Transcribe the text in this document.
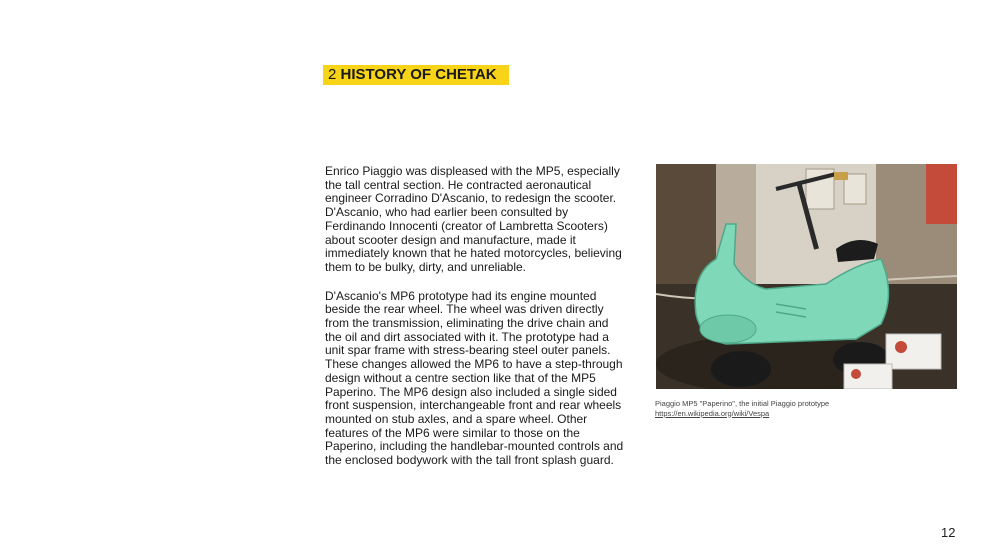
2 HISTORY OF CHETAK

Enrico Piaggio was displeased with the MP5, especially the tall central section. He contracted aeronautical engineer Corradino D'Ascanio, to redesign the scooter. D'Ascanio, who had earlier been consulted by Ferdinando Innocenti (creator of Lambretta Scooters) about scooter design and manufacture, made it immediately known that he hated motorcycles, believing them to be bulky, dirty, and unreliable.

D'Ascanio's MP6 prototype had its engine mounted beside the rear wheel. The wheel was driven directly from the transmission, eliminating the drive chain and the oil and dirt associated with it. The prototype had a unit spar frame with stress-bearing steel outer panels. These changes allowed the MP6 to have a step-through design without a centre section like that of the MP5 Paperino. The MP6 design also included a single sided front suspension, interchangeable front and rear wheels mounted on stub axles, and a spare wheel. Other features of the MP6 were similar to those on the Paperino, including the handlebar-mounted controls and the enclosed bodywork with the tall front splash guard.

Piaggio MP5 "Paperino", the initial Piaggio prototype
https://en.wikipedia.org/wiki/Vespa
12
